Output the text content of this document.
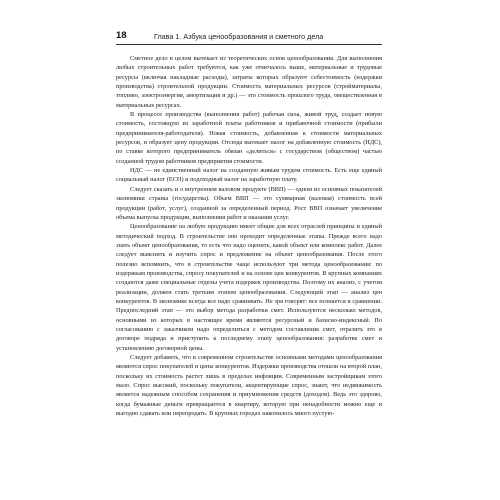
18	Глава 1. Азбука ценообразования и сметного дела

Сметное дело в целом вытекает из теоретических основ ценообразования. Для выполнения любых строительных работ требуются, как уже отмечалось выше, материальные и трудовые ресурсы (включая накладные расходы), затраты которых образуют себестоимость (издержки производства) строительной продукции. Стоимость материальных ресурсов (стройматериалы, топливо, электроэнергия, амортизация и др.) — это стоимость прошлого труда, овеществленная в материальных ресурсах.

В процессе производства (выполнения работ) рабочая сила, живой труд, создает новую стоимость, состоящую из заработной платы работников и прибавочной стоимости (прибыли предпринимателя-работодателя). Новая стоимость, добавленная к стоимости материальных ресурсов, и образует цену продукции. Отсюда вытекает налог на добавленную стоимость (НДС), по ставке которого предприниматель обязан «делиться» с государством (обществом) частью созданной трудом работников предприятия стоимости.

НДС — не единственный налог на созданную живым трудом стоимость. Есть еще единый социальный налог (ЕСН) и подоходный налог на заработную плату.

Следует сказать и о внутреннем валовом продукте (ВВП) — одном из основных показателей экономики страны (государства). Объем ВВП — это суммарная (валовая) стоимость всей продукции (работ, услуг), созданной за определенный период. Рост ВВП означает увеличение объема выпуска продукции, выполнения работ и оказания услуг.

Ценообразование на любую продукцию имеет общие для всех отраслей принципы и единый методический подход. В строительстве оно проходит определенные этапы. Прежде всего надо знать объект ценообразования, то есть что надо оценить, какой объект или комплекс работ. Далее следует выяснить и изучить спрос и предложение на объект ценообразования. После этого полезно вспомнить, что в строительстве чаще используют три метода ценообразования: по издержкам производства, спросу покупателей и на основе цен конкурентов. В крупных компаниях создаются даже специальные отделы учета издержек производства. Поэтому их анализ, с учетом реализации, должен стать третьим этапом ценообразования. Следующий этап — анализ цен конкурентов. В экономике всегда все надо сравнивать. Не зря говорят: все познается в сравнении. Предпоследний этап — это выбор метода разработки смет. Используются несколько методов, основными из которых в настоящее время являются ресурсный и базисно-индексный. По согласованию с заказчиком надо определиться с методом составления смет, отразить это в договоре подряда и приступить к последнему этапу ценообразования: разработке смет и установлению договорной цены.

Следует добавить, что в современном строительстве основными методами ценообразования являются спрос покупателей и цены конкурентов. Издержки производства отошли на второй план, поскольку их стоимость растет лишь в пределах инфляции. Современным застройщикам этого мало. Спрос высокий, поскольку покупатели, акцентирующие спрос, знают, что недвижимость является надежным способом сохранения и приумножения средств (доходов). Ведь это здорово, когда бумажные деньги превращаются в квартиру, которую при ненадобности можно еще и выгодно сдавать или перепродать. В крупных городах накопилось много пустую-
